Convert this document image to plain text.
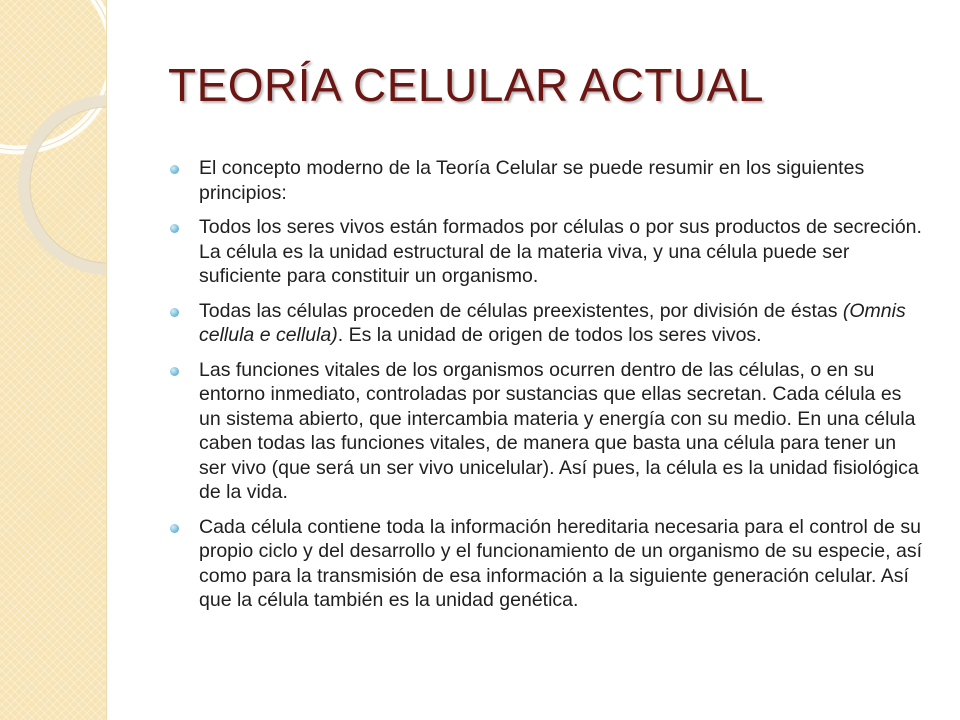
TEORÍA CELULAR ACTUAL
El concepto moderno de la Teoría Celular se puede resumir en los siguientes principios:
Todos los seres vivos están formados por células o por sus productos de secreción. La célula es la unidad estructural de la materia viva, y una célula puede ser suficiente para constituir un organismo.
Todas las células proceden de células preexistentes, por división de éstas (Omnis cellula e cellula). Es la unidad de origen de todos los seres vivos.
Las funciones vitales de los organismos ocurren dentro de las células, o en su entorno inmediato, controladas por sustancias que ellas secretan. Cada célula es un sistema abierto, que intercambia materia y energía con su medio. En una célula caben todas las funciones vitales, de manera que basta una célula para tener un ser vivo (que será un ser vivo unicelular). Así pues, la célula es la unidad fisiológica de la vida.
Cada célula contiene toda la información hereditaria necesaria para el control de su propio ciclo y del desarrollo y el funcionamiento de un organismo de su especie, así como para la transmisión de esa información a la siguiente generación celular. Así que la célula también es la unidad genética.
